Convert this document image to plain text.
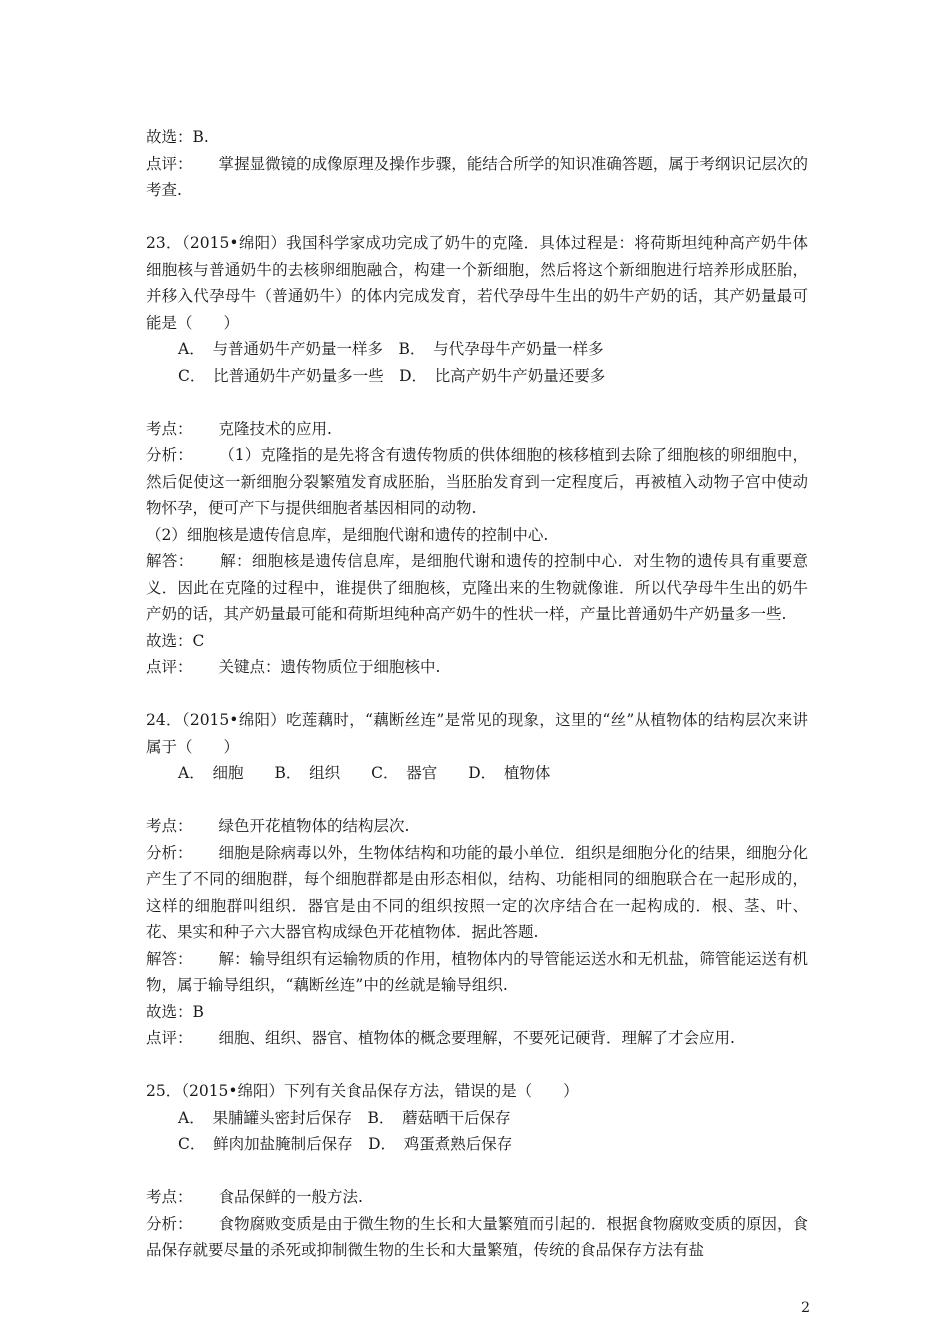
故选：B.

点评： 掌握显微镜的成像原理及操作步骤，能结合所学的知识准确答题，属于考纲识记层次的考查.

23．（2015•绵阳）我国科学家成功完成了奶牛的克隆．具体过程是：将荷斯坦纯种高产奶牛体细胞核与普通奶牛的去核卵细胞融合，构建一个新细胞，然后将这个新细胞进行培养形成胚胎，并移入代孕母牛（普通奶牛）的体内完成发育，若代孕母牛生出的奶牛产奶的话，其产奶量最可能是（　　）

A．　与普通奶牛产奶量一样多　B．　与代孕母牛产奶量一样多

C．　比普通奶牛产奶量多一些　D．　比高产奶牛产奶量还要多

考点： 克隆技术的应用.

分析： （1）克隆指的是先将含有遗传物质的供体细胞的核移植到去除了细胞核的卵细胞中，然后促使这一新细胞分裂繁殖发育成胚胎，当胚胎发育到一定程度后，再被植入动物子宫中使动物怀孕，便可产下与提供细胞者基因相同的动物.

（2）细胞核是遗传信息库，是细胞代谢和遗传的控制中心.

解答： 解：细胞核是遗传信息库，是细胞代谢和遗传的控制中心．对生物的遗传具有重要意义．因此在克隆的过程中，谁提供了细胞核，克隆出来的生物就像谁．所以代孕母牛生出的奶牛产奶的话，其产奶量最可能和荷斯坦纯种高产奶牛的性状一样，产量比普通奶牛产奶量多一些.

故选：C

点评： 关键点：遗传物质位于细胞核中.

24．（2015•绵阳）吃莲藕时，“藕断丝连”是常见的现象，这里的“丝”从植物体的结构层次来讲属于（　　）

A．　细胞　　B．　组织　　C．　器官　　D．　植物体

考点： 绿色开花植物体的结构层次.

分析： 细胞是除病毒以外，生物体结构和功能的最小单位．组织是细胞分化的结果，细胞分化产生了不同的细胞群，每个细胞群都是由形态相似，结构、功能相同的细胞联合在一起形成的，这样的细胞群叫组织．器官是由不同的组织按照一定的次序结合在一起构成的．根、茎、叶、花、果实和种子六大器官构成绿色开花植物体．据此答题.

解答： 解：输导组织有运输物质的作用，植物体内的导管能运送水和无机盐，筛管能运送有机物，属于输导组织，“藕断丝连”中的丝就是输导组织.

故选：B

点评： 细胞、组织、器官、植物体的概念要理解，不要死记硬背．理解了才会应用.

25．（2015•绵阳）下列有关食品保存方法，错误的是（　　）

A．　果脯罐头密封后保存　B．　蘑菇晒干后保存

C．　鲜肉加盐腌制后保存　D．　鸡蛋煮熟后保存

考点： 食品保鲜的一般方法.

分析： 食物腐败变质是由于微生物的生长和大量繁殖而引起的．根据食物腐败变质的原因，食品保存就要尽量的杀死或抑制微生物的生长和大量繁殖，传统的食品保存方法有盐

2
